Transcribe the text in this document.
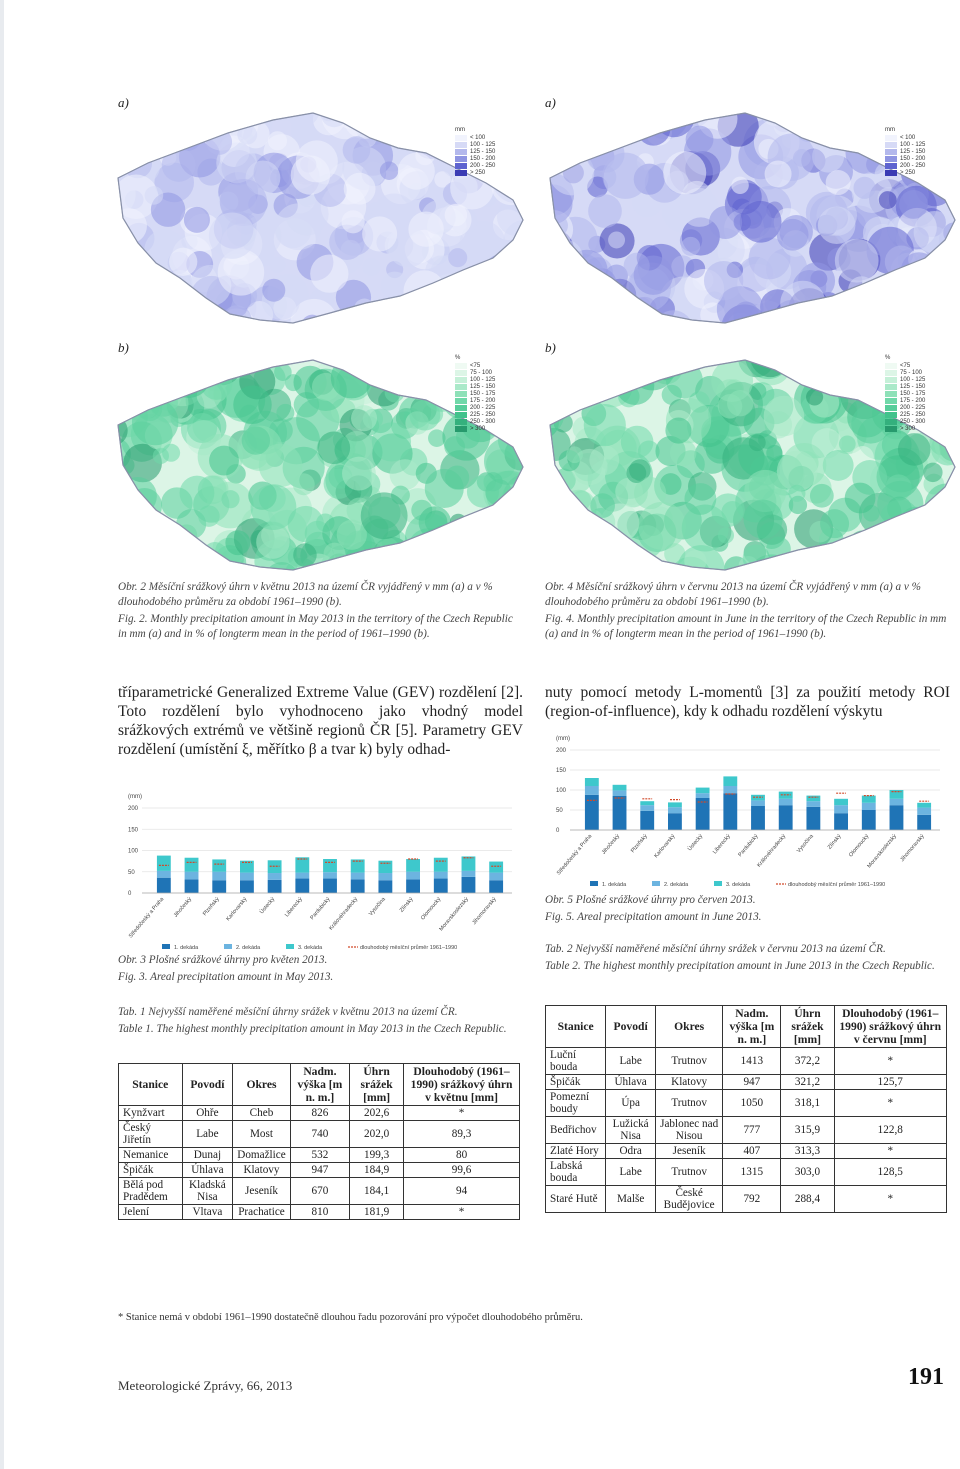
a)
mm
< 100
100 - 125
125 - 150
150 - 200
200 - 250
> 250
b)
%
<75
75 - 100
100 - 125
125 - 150
150 - 175
175 - 200
200 - 225
225 - 250
250 - 300
> 300

Obr. 2 Měsíční srážkový úhrn v květnu 2013 na území ČR vyjádřený v mm (a) a v % dlouhodobého průměru za období 1961–1990 (b).

Fig. 2. Monthly precipitation amount in May 2013 in the territory of the Czech Republic in mm (a) and in % of longterm mean in the period of 1961–1990 (b).

a)
mm
< 100
100 - 125
125 - 150
150 - 200
200 - 250
> 250
b)
%
<75
75 - 100
100 - 125
125 - 150
150 - 175
175 - 200
200 - 225
225 - 250
250 - 300
> 300

Obr. 4 Měsíční srážkový úhrn v červnu 2013 na území ČR vyjádřený v mm (a) a v % dlouhodobého průměru za období 1961–1990 (b).

Fig. 4. Monthly precipitation amount in June in the territory of the Czech Republic in mm (a) and in % of longterm mean in the period of 1961–1990 (b).

tříparametrické Generalized Extreme Value (GEV) rozdělení [2]. Toto rozdělení bylo vyhodnoceno jako vhodný model srážkových extrémů ve většině regionů ČR [5]. Parametry GEV rozdělení (umístění ξ, měřítko β a tvar k) byly odhad-

nuty pomocí metody L-momentů [3] za použití metody ROI (region-of-influence), kdy k odhadu rozdělení výskytu

(mm)
0
50
100
150
200
Středočeský a Praha Jihočeský Plzeňský Karlovarský Ústecký Liberecký Pardubický
Královéhradecký Vysočina Zlínský Olomoucký
Moravskoslezský Jihomoravský
1. dekáda	2. dekáda	3. dekáda	dlouhodobý měsíční průměr 1961–1990

Obr. 3 Plošné srážkové úhrny pro květen 2013.

Fig. 3. Areal precipitation amount in May 2013.

(mm)
0
50
100
150
200
Středočeský a Praha Jihočeský Plzeňský Karlovarský Ústecký Liberecký Pardubický
Královéhradecký Vysočina Zlínský Olomoucký
Moravskoslezský Jihomoravský
1. dekáda	2. dekáda	3. dekáda	dlouhodobý měsíční průměr 1961–1990

Obr. 5 Plošné srážkové úhrny pro červen 2013.

Fig. 5. Areal precipitation amount in June 2013.

Tab. 1 Nejvyšší naměřené měsíční úhrny srážek v květnu 2013 na území ČR.

Table 1. The highest monthly precipitation amount in May 2013 in the Czech Republic.

Stanice	Povodí	Okres	Nadm. výška [m n. m.]	Úhrn srážek [mm]	Dlouhodobý (1961–1990) srážkový úhrn v květnu [mm]
Kynžvart	Ohře	Cheb	826	202,6	*
Český Jiřetín	Labe	Most	740	202,0	89,3
Nemanice	Dunaj	Domažlice	532	199,3	80
Špičák	Úhlava	Klatovy	947	184,9	99,6
Bělá pod Pradědem	Kladská Nisa	Jeseník	670	184,1	94
Jelení	Vltava	Prachatice	810	181,9	*

Tab. 2 Nejvyšší naměřené měsíční úhrny srážek v červnu 2013 na území ČR.

Table 2. The highest monthly precipitation amount in June 2013 in the Czech Republic.

Stanice	Povodí	Okres	Nadm. výška [m n. m.]	Úhrn srážek [mm]	Dlouhodobý (1961–1990) srážkový úhrn v červnu [mm]
Luční bouda	Labe	Trutnov	1413	372,2	*
Špičák	Úhlava	Klatovy	947	321,2	125,7
Pomezní boudy	Úpa	Trutnov	1050	318,1	*
Bedřichov	Lužická Nisa	Jablonec nad Nisou	777	315,9	122,8
Zlaté Hory	Odra	Jeseník	407	313,3	*
Labská bouda	Labe	Trutnov	1315	303,0	128,5
Staré Hutě	Malše	České Budějovice	792	288,4	*
* Stanice nemá v období 1961–1990 dostatečně dlouhou řadu pozorování pro výpočet dlouhodobého průměru.
Meteorologické Zprávy, 66, 2013	191
